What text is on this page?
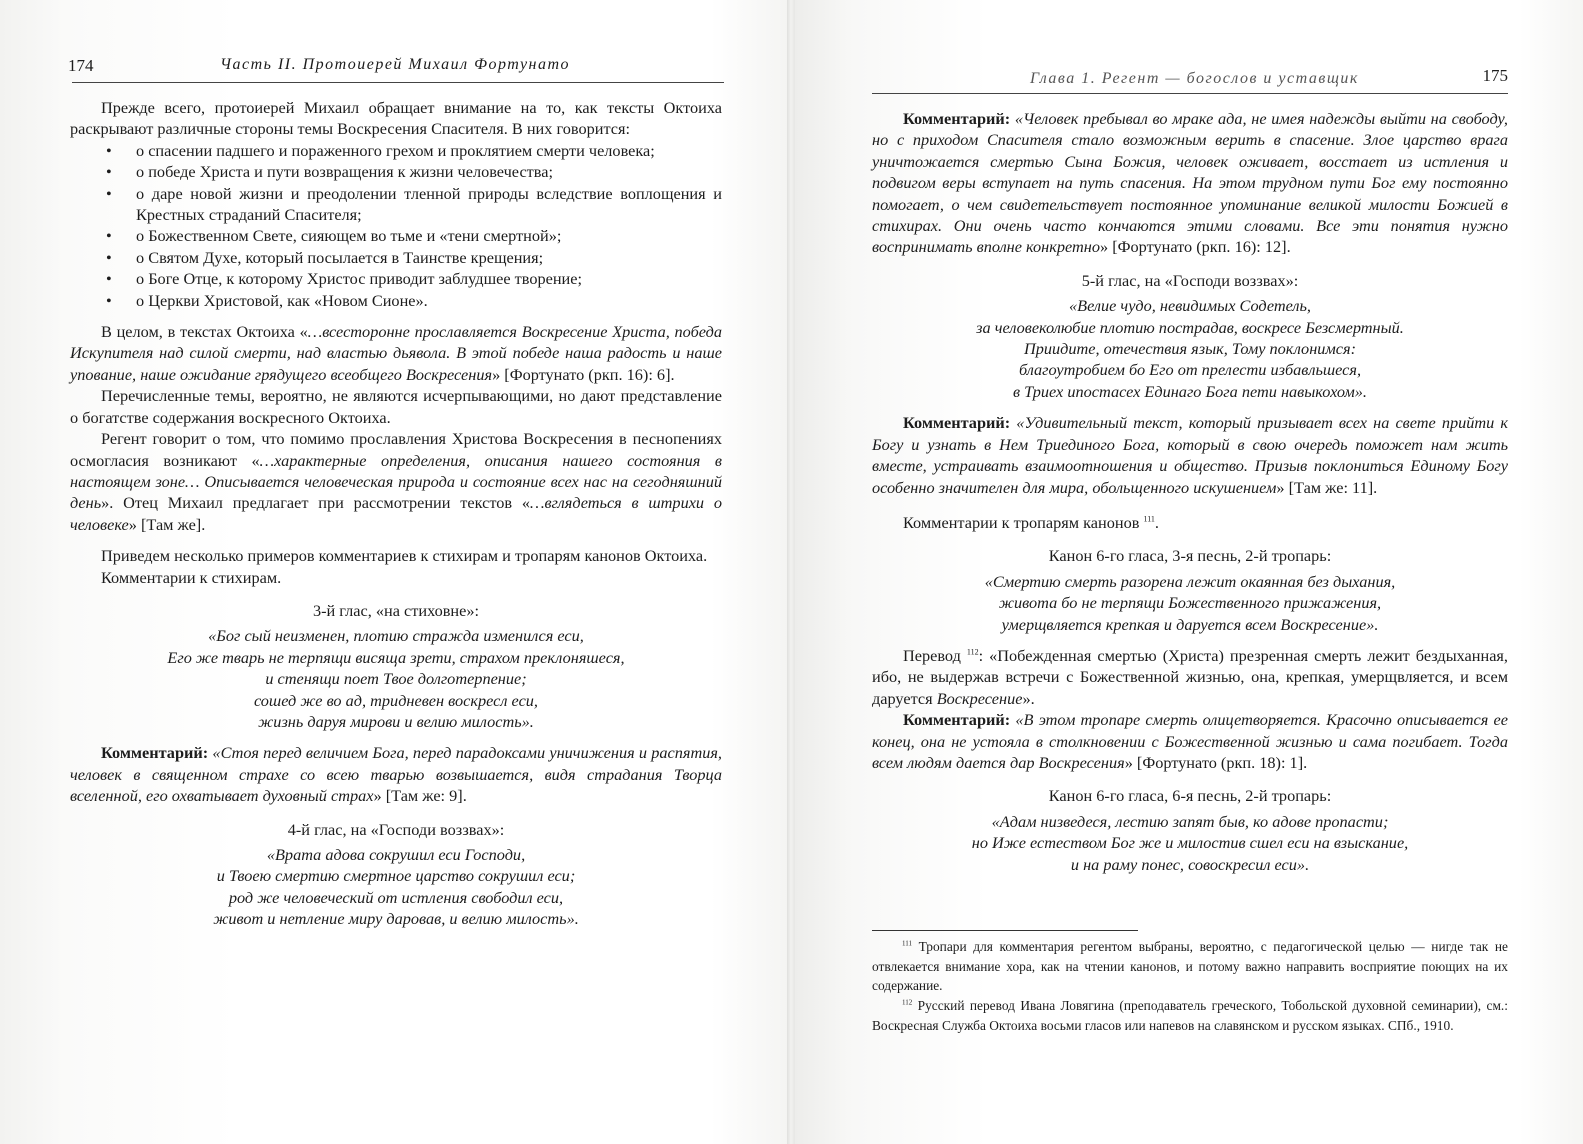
174	Часть II. Протоиерей Михаил Фортунато

Прежде всего, протоиерей Михаил обращает внимание на то, как тексты Октоиха раскрывают различные стороны темы Воскресения Спасителя. В них говорится:

• о спасении падшего и пораженного грехом и проклятием смерти человека;
• о победе Христа и пути возвращения к жизни человечества;
• о даре новой жизни и преодолении тленной природы вследствие воплощения и Крестных страданий Спасителя;
• о Божественном Свете, сияющем во тьме и «тени смертной»;
• о Святом Духе, который посылается в Таинстве крещения;
• о Боге Отце, к которому Христос приводит заблудшее творение;
• о Церкви Христовой, как «Новом Сионе».

В целом, в текстах Октоиха «…всесторонне прославляется Воскресение Христа, победа Искупителя над силой смерти, над властью дьявола. В этой победе наша радость и наше упование, наше ожидание грядущего всеобщего Воскресения» [Фортунато (ркп. 16): 6].

Перечисленные темы, вероятно, не являются исчерпывающими, но дают представление о богатстве содержания воскресного Октоиха.

Регент говорит о том, что помимо прославления Христова Воскресения в песнопениях осмогласия возникают «…характерные определения, описания нашего состояния в настоящем зоне… Описывается человеческая природа и состояние всех нас на сегодняшний день». Отец Михаил предлагает при рассмотрении текстов «…вглядеться в штрихи о человеке» [Там же].

Приведем несколько примеров комментариев к стихирам и тропарям канонов Октоиха.

Комментарии к стихирам.

3-й глас, «на стиховне»:

«Бог сый неизменен, плотию стражда изменился еси,
Его же тварь не терпящи висяща зрети, страхом преклоняшеся,
и стенящи поет Твое долготерпение;
сошед же во ад, тридневен воскресл еси,
жизнь даруя мирови и велию милость».

Комментарий: «Стоя перед величием Бога, перед парадоксами уничижения и распятия, человек в священном страхе со всею тварью возвышается, видя страдания Творца вселенной, его охватывает духовный страх» [Там же: 9].

4-й глас, на «Господи воззвах»:

«Врата адова сокрушил еси Господи,
и Твоею смертию смертное царство сокрушил еси;
род же человеческий от истления свободил еси,
живот и нетление миру даровав, и велию милость».
Глава 1. Регент — богослов и уставщик	175

Комментарий: «Человек пребывал во мраке ада, не имея надежды выйти на свободу, но с приходом Спасителя стало возможным верить в спасение. Злое царство врага уничтожается смертью Сына Божия, человек оживает, восстает из истления и подвигом веры вступает на путь спасения. На этом трудном пути Бог ему постоянно помогает, о чем свидетельствует постоянное упоминание великой милости Божией в стихирах. Они очень часто кончаются этими словами. Все эти понятия нужно воспринимать вполне конкретно» [Фортунато (ркп. 16): 12].

5-й глас, на «Господи воззвах»:

«Велие чудо, невидимых Содетель,
за человеколюбие плотию пострадав, воскресе Безсмертный.
Приидите, отечествия язык, Тому поклонимся:
благоутробием бо Его от прелести избавльшеся,
в Триех ипостасех Единаго Бога пети навыкохом».

Комментарий: «Удивительный текст, который призывает всех на свете прийти к Богу и узнать в Нем Триединого Бога, который в свою очередь поможет нам жить вместе, устраивать взаимоотношения и общество. Призыв поклониться Единому Богу особенно значителен для мира, обольщенного искушением» [Там же: 11].

Комментарии к тропарям канонов $^{111}$.

Канон 6-го гласа, 3-я песнь, 2-й тропарь:

«Смертию смерть разорена лежит окаянная без дыхания,
живота бо не терпящи Божественного прижажения,
умерщвляется крепкая и даруется всем Воскресение».

Перевод $^{112}$: «Побежденная смертью (Христа) презренная смерть лежит бездыханная, ибо, не выдержав встречи с Божественной жизнью, она, крепкая, умерщвляется, и всем даруется Воскресение».

Комментарий: «В этом тропаре смерть олицетворяется. Красочно описывается ее конец, она не устояла в столкновении с Божественной жизнью и сама погибает. Тогда всем людям дается дар Воскресения» [Фортунато (ркп. 18): 1].

Канон 6-го гласа, 6-я песнь, 2-й тропарь:

«Адам низведеся, лестию запят быв, ко адове пропасти;
но Иже естеством Бог же и милостив сшел еси на взыскание,
и на раму понес, совоскресил еси».

$^{111}$ Тропари для комментария регентом выбраны, вероятно, с педагогической целью — нигде так не отвлекается внимание хора, как на чтении канонов, и потому важно направить восприятие поющих на их содержание.

$^{112}$ Русский перевод Ивана Ловягина (преподаватель греческого, Тобольской духовной семинарии), см.: Воскресная Служба Октоиха восьми гласов или напевов на славянском и русском языках. СПб., 1910.
